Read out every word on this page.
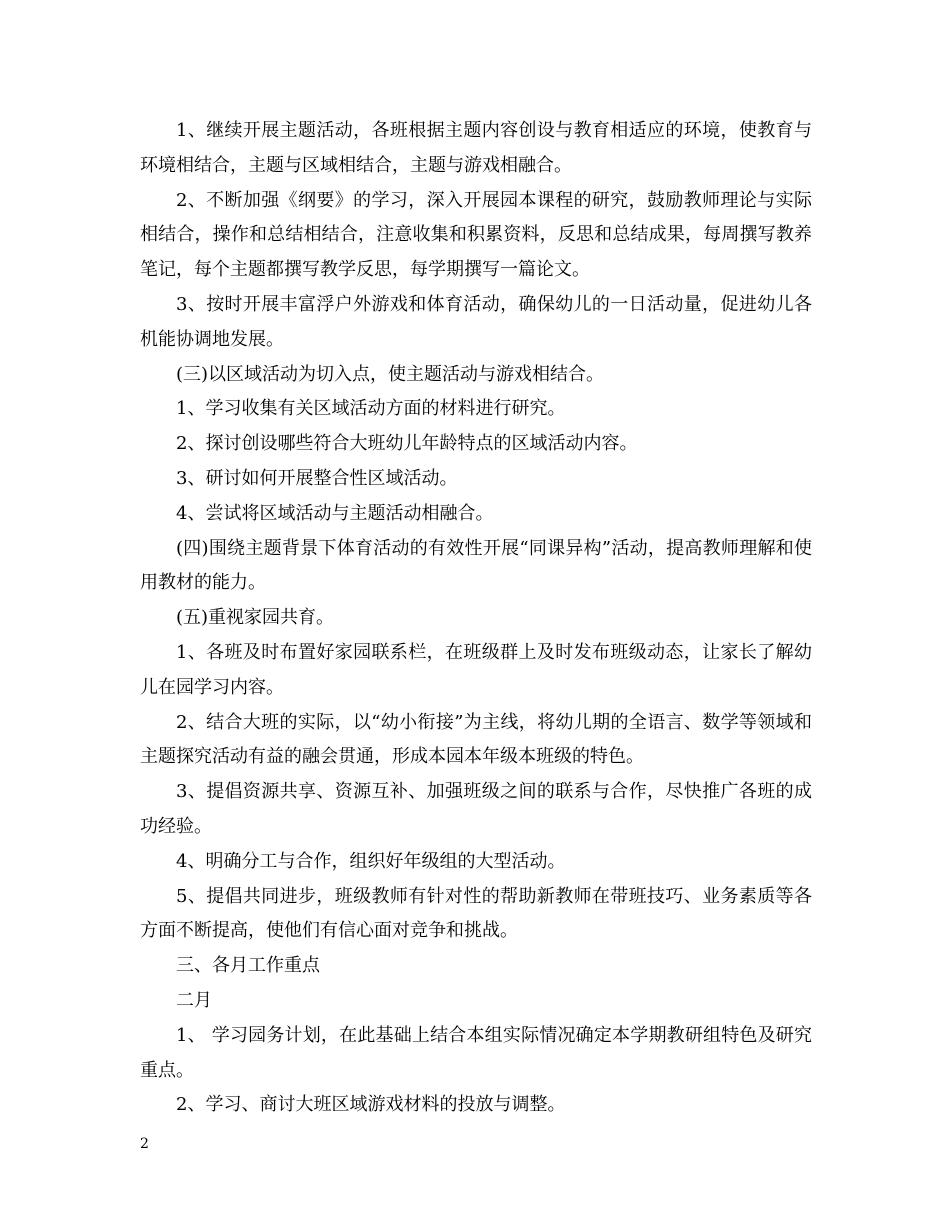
1、继续开展主题活动，各班根据主题内容创设与教育相适应的环境，使教育与环境相结合，主题与区域相结合，主题与游戏相融合。

2、不断加强《纲要》的学习，深入开展园本课程的研究，鼓励教师理论与实际相结合，操作和总结相结合，注意收集和积累资料，反思和总结成果，每周撰写教养笔记，每个主题都撰写教学反思，每学期撰写一篇论文。

3、按时开展丰富浮户外游戏和体育活动，确保幼儿的一日活动量，促进幼儿各机能协调地发展。

(三)以区域活动为切入点，使主题活动与游戏相结合。

1、学习收集有关区域活动方面的材料进行研究。

2、探讨创设哪些符合大班幼儿年龄特点的区域活动内容。

3、研讨如何开展整合性区域活动。

4、尝试将区域活动与主题活动相融合。

(四)围绕主题背景下体育活动的有效性开展“同课异构”活动，提高教师理解和使用教材的能力。

(五)重视家园共育。

1、各班及时布置好家园联系栏，在班级群上及时发布班级动态，让家长了解幼儿在园学习内容。

2、结合大班的实际，以“幼小衔接”为主线，将幼儿期的全语言、数学等领域和主题探究活动有益的融会贯通，形成本园本年级本班级的特色。

3、提倡资源共享、资源互补、加强班级之间的联系与合作，尽快推广各班的成功经验。

4、明确分工与合作，组织好年级组的大型活动。

5、提倡共同进步，班级教师有针对性的帮助新教师在带班技巧、业务素质等各方面不断提高，使他们有信心面对竞争和挑战。

三、各月工作重点

二月

1、 学习园务计划，在此基础上结合本组实际情况确定本学期教研组特色及研究重点。

2、学习、商讨大班区域游戏材料的投放与调整。

2
